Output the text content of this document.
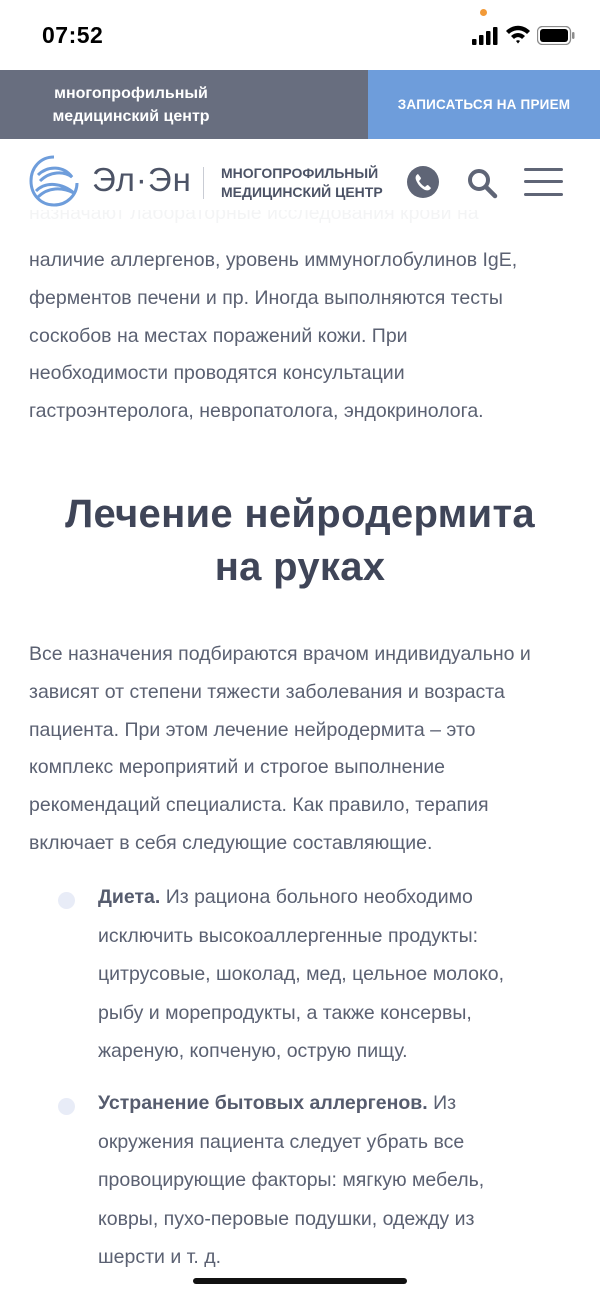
наличие аллергенов, уровень иммуноглобулинов IgE,
ферментов печени и пр. Иногда выполняются тесты
соскобов на местах поражений кожи. При
необходимости проводятся консультации
гастроэнтеролога, невропатолога, эндокринолога.
Лечение нейродермита
на руках
Все назначения подбираются врачом индивидуально и
зависят от степени тяжести заболевания и возраста
пациента. При этом лечение нейродермита – это
комплекс мероприятий и строгое выполнение
рекомендаций специалиста. Как правило, терапия
включает в себя следующие составляющие.
Диета. Из рациона больного необходимо
исключить высокоаллергенные продукты:
цитрусовые, шоколад, мед, цельное молоко,
рыбу и морепродукты, а также консервы,
жареную, копченую, острую пищу.
Устранение бытовых аллергенов. Из
окружения пациента следует убрать все
провоцирующие факторы: мягкую мебель,
ковры, пухо-перовые подушки, одежду из
шерсти и т. д.
Эл·Эн МНОГОПРОФИЛЬНЫЙ
МЕДИЦИНСКИЙ ЦЕНТР
многопрофильный
медицинский центр
ЗАПИСАТЬСЯ НА ПРИЕМ
07:52
